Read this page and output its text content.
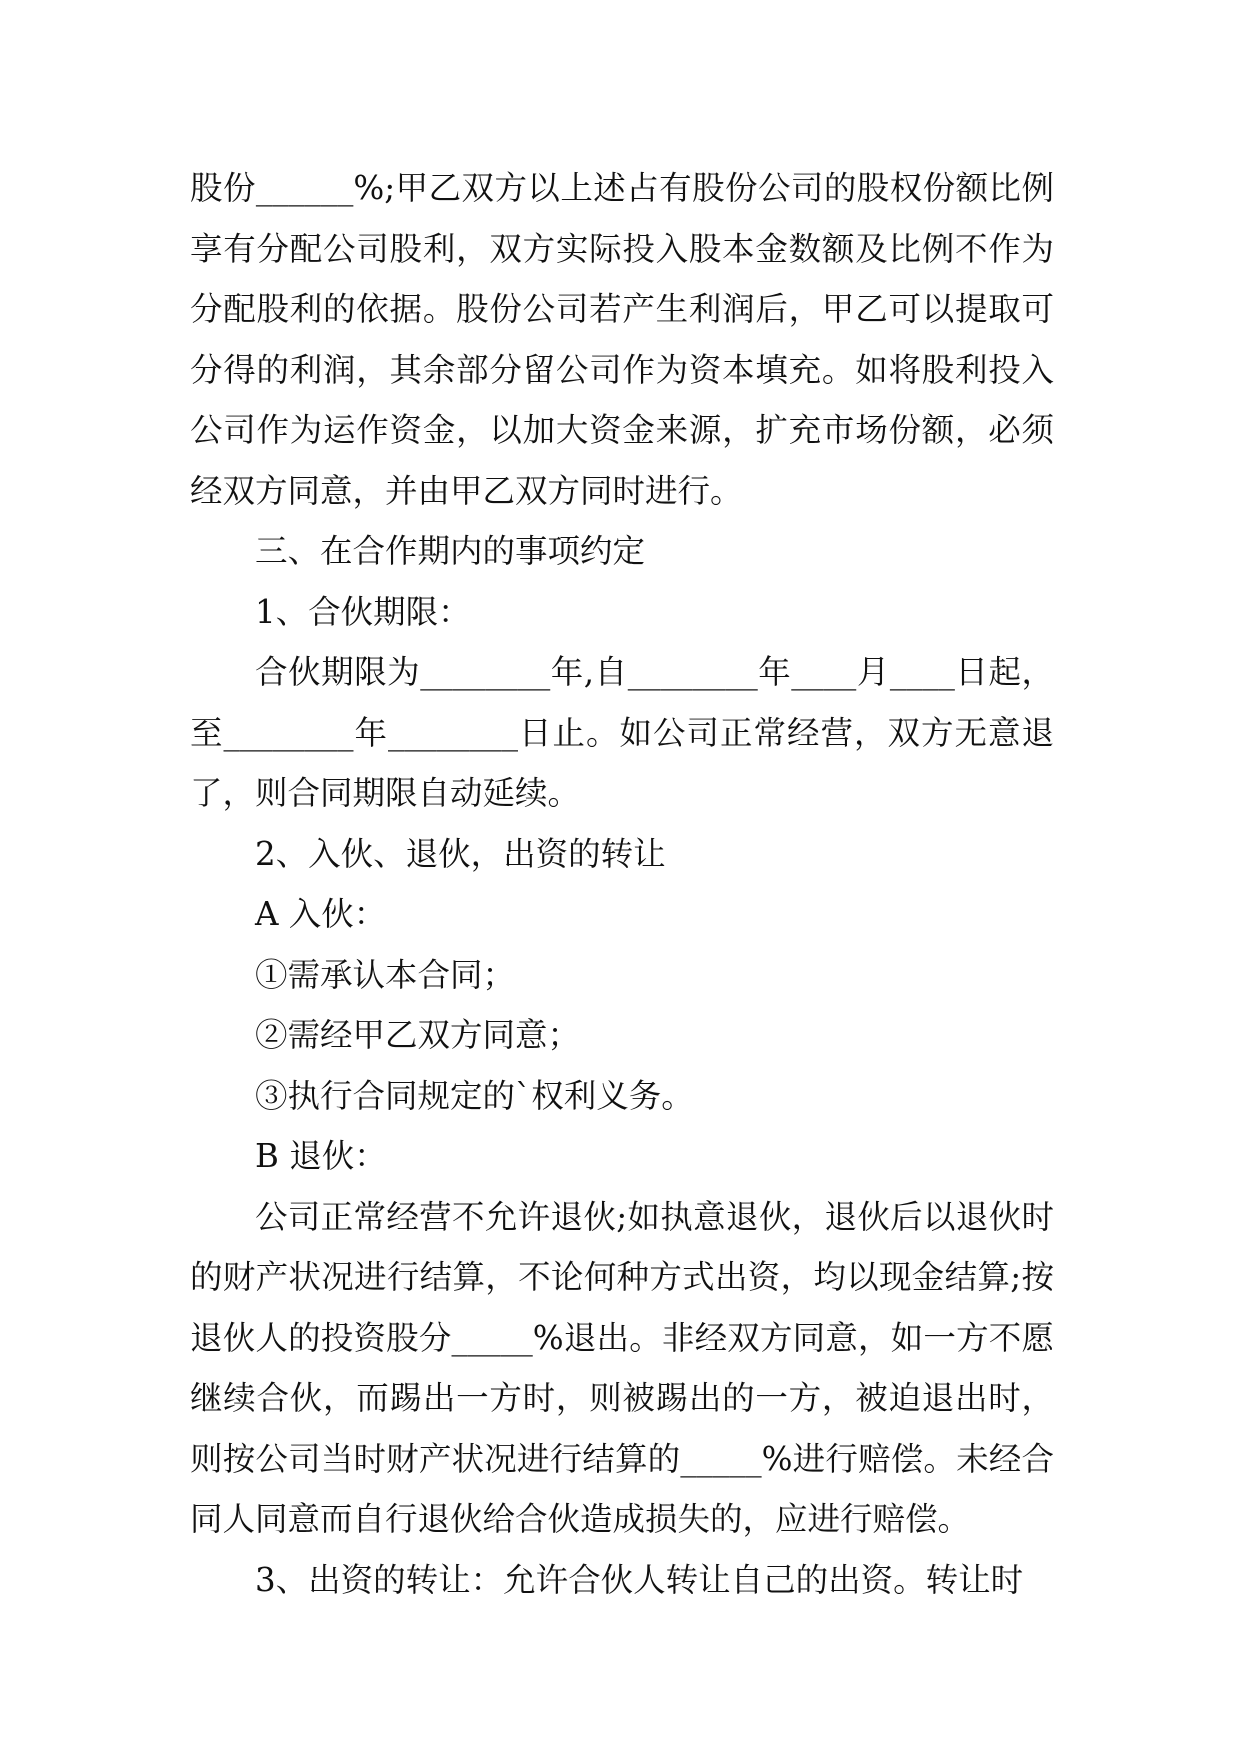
股份______%;甲乙双方以上述占有股份公司的股权份额比例享有分配公司股利，双方实际投入股本金数额及比例不作为分配股利的依据。股份公司若产生利润后，甲乙可以提取可分得的利润，其余部分留公司作为资本填充。如将股利投入公司作为运作资金，以加大资金来源，扩充市场份额，必须经双方同意，并由甲乙双方同时进行。

三、在合作期内的事项约定

1、合伙期限：

合伙期限为________年,自________年____月____日起，至________年________日止。如公司正常经营，双方无意退了，则合同期限自动延续。

2、入伙、退伙，出资的转让

A 入伙：

①需承认本合同；

②需经甲乙双方同意；

③执行合同规定的`权利义务。

B 退伙：

公司正常经营不允许退伙;如执意退伙，退伙后以退伙时的财产状况进行结算，不论何种方式出资，均以现金结算;按退伙人的投资股分_____%退出。非经双方同意，如一方不愿继续合伙，而踢出一方时，则被踢出的一方，被迫退出时，则按公司当时财产状况进行结算的_____%进行赔偿。未经合同人同意而自行退伙给合伙造成损失的，应进行赔偿。

3、出资的转让：允许合伙人转让自己的出资。转让时
